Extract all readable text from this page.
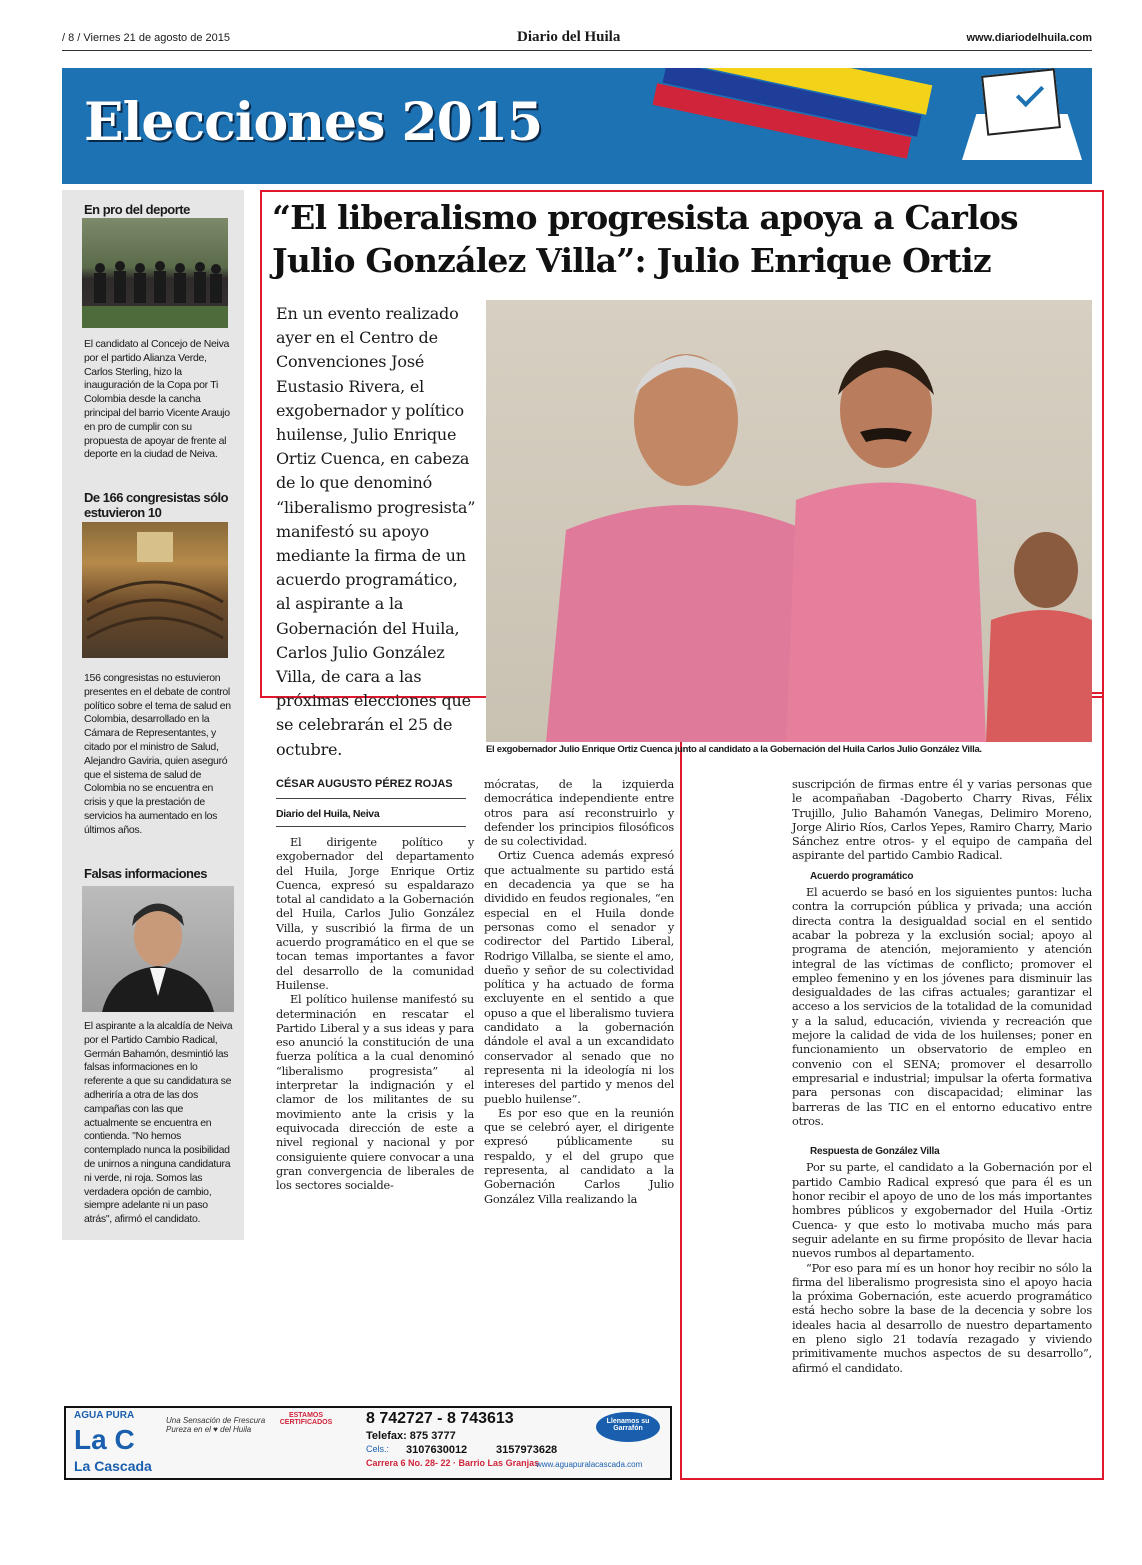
/ 8 / Viernes 21 de agosto de 2015	Diario del Huila	www.diariodelhuila.com
Elecciones 2015
En pro del deporte
El candidato al Concejo de Neiva por el partido Alianza Verde, Carlos Sterling, hizo la inauguración de la Copa por Ti Colombia desde la cancha principal del barrio Vicente Araujo en pro de cumplir con su propuesta de apoyar de frente al deporte en la ciudad de Neiva.
De 166 congresistas sólo estuvieron 10
156 congresistas no estuvieron presentes en el debate de control político sobre el tema de salud en Colombia, desarrollado en la Cámara de Representantes, y citado por el ministro de Salud, Alejandro Gaviria, quien aseguró que el sistema de salud de Colombia no se encuentra en crisis y que la prestación de servicios ha aumentado en los últimos años.
Falsas informaciones
El aspirante a la alcaldía de Neiva por el Partido Cambio Radical, Germán Bahamón, desmintió las falsas informaciones en lo referente a que su candidatura se adheriría a otra de las dos campañas con las que actualmente se encuentra en contienda. "No hemos contemplado nunca la posibilidad de unirnos a ninguna candidatura ni verde, ni roja. Somos las verdadera opción de cambio, siempre adelante ni un paso atrás", afirmó el candidato.
“El liberalismo progresista apoya a Carlos Julio González Villa”: Julio Enrique Ortiz
En un evento realizado ayer en el Centro de Convenciones José Eustasio Rivera, el exgobernador y político huilense, Julio Enrique Ortiz Cuenca, en cabeza de lo que denominó “liberalismo progresista” manifestó su apoyo mediante la firma de un acuerdo programático, al aspirante a la Gobernación del Huila, Carlos Julio González Villa, de cara a las próximas elecciones que se celebrarán el 25 de octubre.	El exgobernador Julio Enrique Ortiz Cuenca junto al candidato a la Gobernación del Huila Carlos Julio González Villa.
CÉSAR AUGUSTO PÉREZ ROJAS
Diario del Huila, Neiva

El dirigente político y exgobernador del departamento del Huila, Jorge Enrique Ortiz Cuenca, expresó su espaldarazo total al candidato a la Gobernación del Huila, Carlos Julio González Villa, y suscribió la firma de un acuerdo programático en el que se tocan temas importantes a favor del desarrollo de la comunidad Huilense.

El político huilense manifestó su determinación en rescatar el Partido Liberal y a sus ideas y para eso anunció la constitución de una fuerza política a la cual denominó “liberalismo progresista” al interpretar la indignación y el clamor de los militantes de su movimiento ante la crisis y la equivocada dirección de este a nivel regional y nacional y por consiguiente quiere convocar a una gran convergencia de liberales de los sectores socialde-

mócratas, de la izquierda democrática independiente entre otros para así reconstruirlo y defender los principios filosóficos de su colectividad.

Ortiz Cuenca además expresó que actualmente su partido está en decadencia ya que se ha dividido en feudos regionales, “en especial en el Huila donde personas como el senador y codirector del Partido Liberal, Rodrigo Villalba, se siente el amo, dueño y señor de su colectividad política y ha actuado de forma excluyente en el sentido a que opuso a que el liberalismo tuviera candidato a la gobernación dándole el aval a un excandidato conservador al senado que no representa ni la ideología ni los intereses del partido y menos del pueblo huilense”.

Es por eso que en la reunión que se celebró ayer, el dirigente expresó públicamente su respaldo, y el del grupo que representa, al candidato a la Gobernación Carlos Julio González Villa realizando la

suscripción de firmas entre él y varias personas que le acompañaban -Dagoberto Charry Rivas, Félix Trujillo, Julio Bahamón Vanegas, Delimiro Moreno, Jorge Alirio Ríos, Carlos Yepes, Ramiro Charry, Mario Sánchez entre otros- y el equipo de campaña del aspirante del partido Cambio Radical.

Acuerdo programático

El acuerdo se basó en los siguientes puntos: lucha contra la corrupción pública y privada; una acción directa contra la desigualdad social en el sentido acabar la pobreza y la exclusión social; apoyo al programa de atención, mejoramiento y atención integral de las víctimas de conflicto; promover el empleo femenino y en los jóvenes para disminuir las desigualdades de las cifras actuales; garantizar el acceso a los servicios de la totalidad de la comunidad y a la salud, educación, vivienda y recreación que mejore la calidad de vida de los huilenses; poner en funcionamiento un observatorio de empleo en convenio con el SENA; promover el desarrollo empresarial e industrial; impulsar la oferta formativa para personas con discapacidad; eliminar las barreras de las TIC en el entorno educativo entre otros.

Respuesta de González Villa

Por su parte, el candidato a la Gobernación por el partido Cambio Radical expresó que para él es un honor recibir el apoyo de uno de los más importantes hombres públicos y exgobernador del Huila -Ortiz Cuenca- y que esto lo motivaba mucho más para seguir adelante en su firme propósito de llevar hacia nuevos rumbos al departamento.

“Por eso para mí es un honor hoy recibir no sólo la firma del liberalismo progresista sino el apoyo hacia la próxima Gobernación, este acuerdo programático está hecho sobre la base de la decencia y sobre los ideales hacia al desarrollo de nuestro departamento en pleno siglo 21 todavía rezagado y viviendo primitivamente muchos aspectos de su desarrollo”, afirmó el candidato.

AGUA PURA
La C
Una Sensación de Frescura
Pureza en el ♥ del Huila
La Cascada
ESTAMOS CERTIFICADOS 8 742727 - 8 743613
Telefax: 875 3777
Cels.: 3107630012	3157973628
Carrera 6 No. 28- 22 · Barrio Las Granjas
www.aguapuralacascada.com
Llenamos su Garrafón
